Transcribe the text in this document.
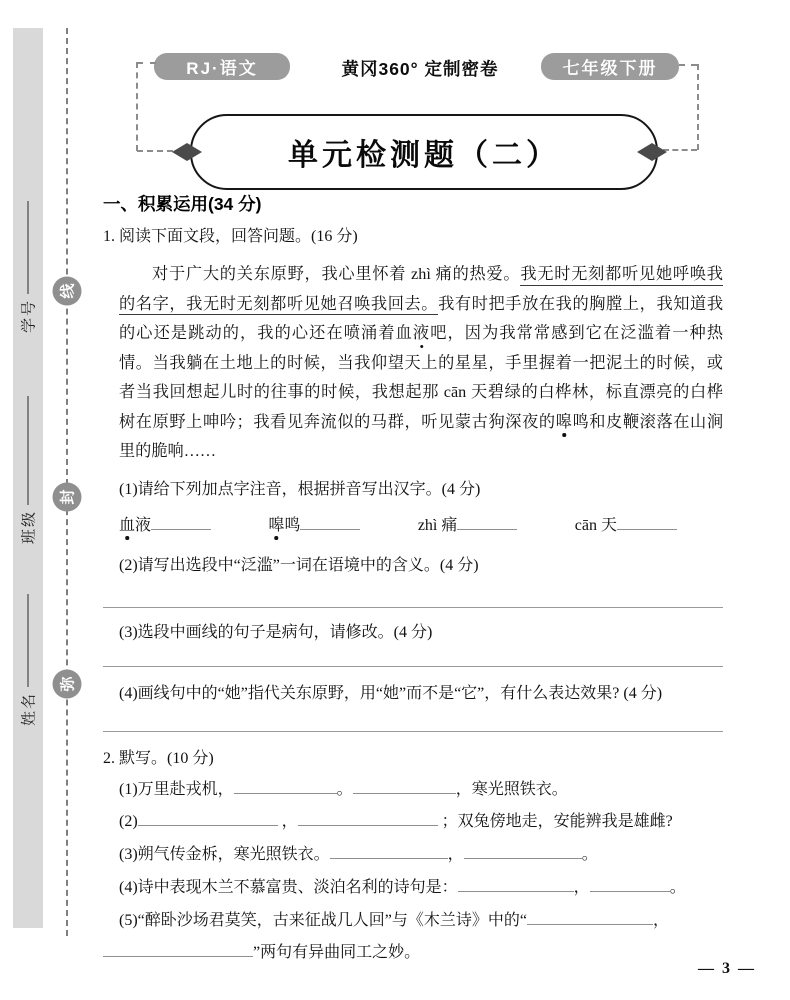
学号
班级
姓名
线
封
弥
RJ·语文	黄冈360° 定制密卷	七年级下册
单元检测题（二）
一、积累运用(34 分)
1. 阅读下面文段，回答问题。(16 分)
对于广大的关东原野，我心里怀着 zhì 痛的热爱。我无时无刻都听见她呼唤我
的名字，我无时无刻都听见她召唤我回去。我有时把手放在我的胸膛上，我知道我
的心还是跳动的，我的心还在喷涌着血液吧，因为我常常感到它在泛滥着一种热
情。当我躺在土地上的时候，当我仰望天上的星星，手里握着一把泥土的时候，或
者当我回想起儿时的往事的时候，我想起那 cān 天碧绿的白桦林，标直漂亮的白桦
树在原野上呻吟；我看见奔流似的马群，听见蒙古狗深夜的嗥鸣和皮鞭滚落在山涧
里的脆响……
(1)请给下列加点字注音，根据拼音写出汉字。(4 分)
血液	嗥鸣	zhì 痛	cān 天
(2)请写出选段中“泛滥”一词在语境中的含义。(4 分)
(3)选段中画线的句子是病句，请修改。(4 分)
(4)画线句中的“她”指代关东原野，用“她”而不是“它”，有什么表达效果? (4 分)
2. 默写。(10 分)
(1)万里赴戎机，	。	，寒光照铁衣。
(2)	，	；双兔傍地走，安能辨我是雄雌?
(3)朔气传金柝，寒光照铁衣。	，	。
(4)诗中表现木兰不慕富贵、淡泊名利的诗句是：	，	。
(5)“醉卧沙场君莫笑，古来征战几人回”与《木兰诗》中的“	，
”两句有异曲同工之妙。
— 3 —
